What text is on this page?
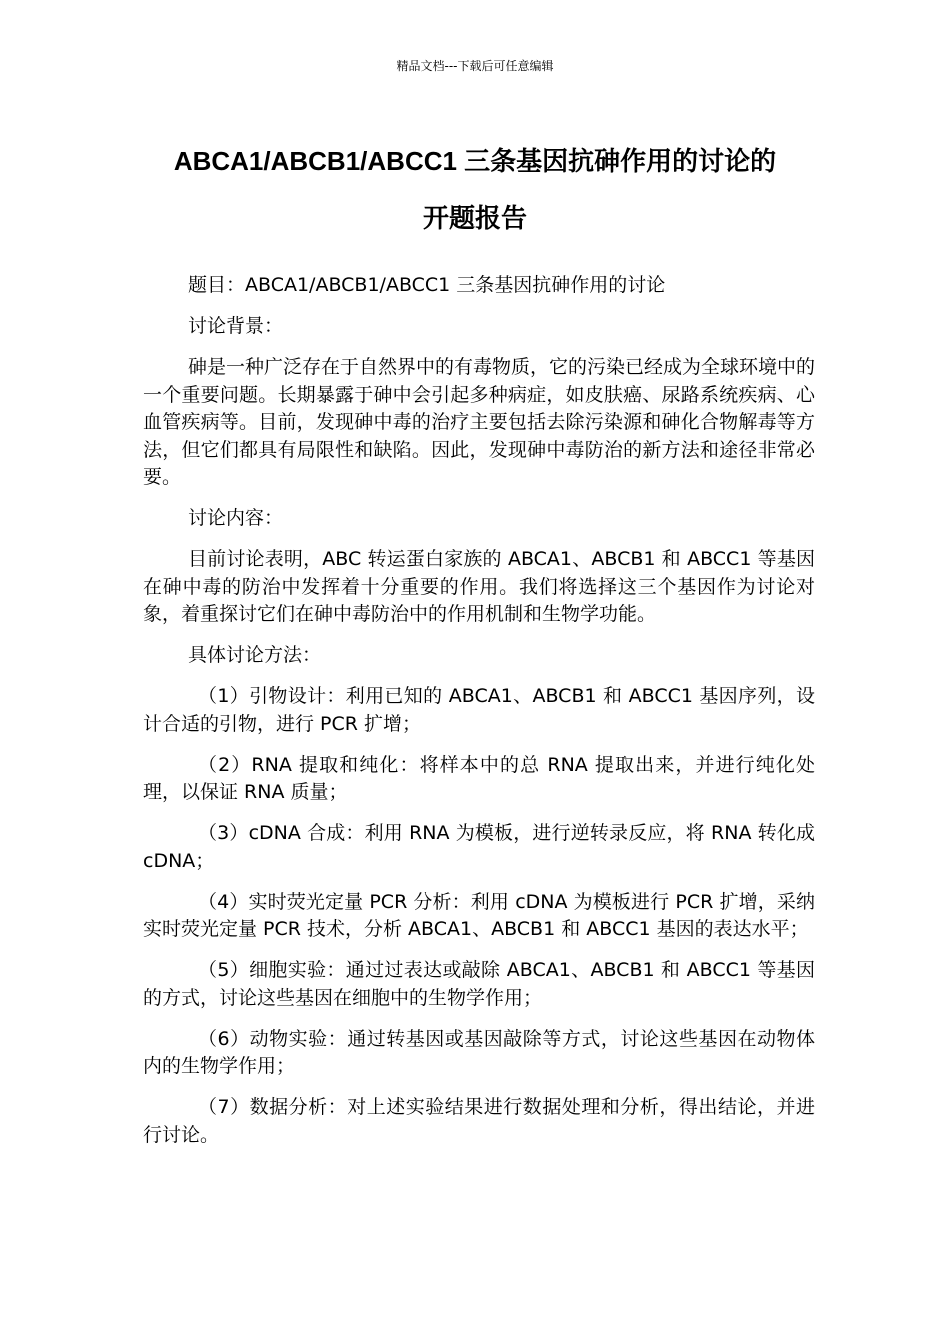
精品文档---下载后可任意编辑
ABCA1/ABCB1/ABCC1 三条基因抗砷作用的讨论的
开题报告

题目：ABCA1/ABCB1/ABCC1 三条基因抗砷作用的讨论

讨论背景：

砷是一种广泛存在于自然界中的有毒物质，它的污染已经成为全球环境中的一个重要问题。长期暴露于砷中会引起多种病症，如皮肤癌、尿路系统疾病、心血管疾病等。目前，发现砷中毒的治疗主要包括去除污染源和砷化合物解毒等方法，但它们都具有局限性和缺陷。因此，发现砷中毒防治的新方法和途径非常必要。

讨论内容：

目前讨论表明，ABC 转运蛋白家族的 ABCA1、ABCB1 和 ABCC1 等基因在砷中毒的防治中发挥着十分重要的作用。我们将选择这三个基因作为讨论对象，着重探讨它们在砷中毒防治中的作用机制和生物学功能。

具体讨论方法：

（1）引物设计：利用已知的 ABCA1、ABCB1 和 ABCC1 基因序列，设计合适的引物，进行 PCR 扩增；

（2）RNA 提取和纯化：将样本中的总 RNA 提取出来，并进行纯化处理，以保证 RNA 质量；

（3）cDNA 合成：利用 RNA 为模板，进行逆转录反应，将 RNA 转化成 cDNA；

（4）实时荧光定量 PCR 分析：利用 cDNA 为模板进行 PCR 扩增，采纳实时荧光定量 PCR 技术，分析 ABCA1、ABCB1 和 ABCC1 基因的表达水平；

（5）细胞实验：通过过表达或敲除 ABCA1、ABCB1 和 ABCC1 等基因的方式，讨论这些基因在细胞中的生物学作用；

（6）动物实验：通过转基因或基因敲除等方式，讨论这些基因在动物体内的生物学作用；

（7）数据分析：对上述实验结果进行数据处理和分析，得出结论，并进行讨论。
